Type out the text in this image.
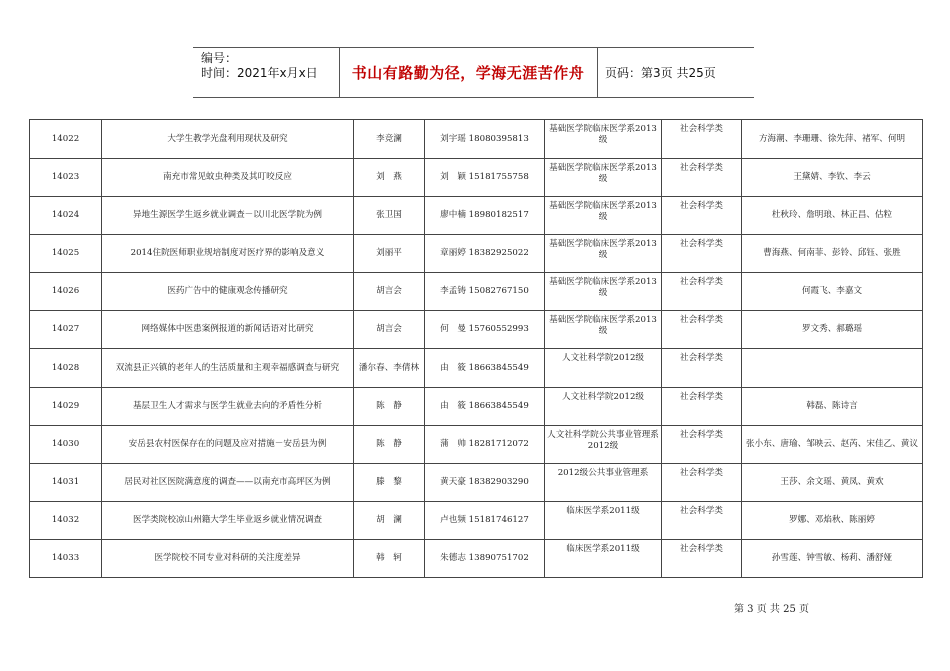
编号：
时间：2021年x月x日	书山有路勤为径，学海无涯苦作舟	页码：第3页 共25页
14022	大学生教学光盘利用现状及研究	李竞澜	刘宇瑶 18080395813	基础医学院临床医学系2013级	社会科学类	方海潮、李珊珊、徐先萍、褚军、何明
14023	南充市常见蚊虫种类及其叮咬反应	刘　燕	刘　颖 15181755758	基础医学院临床医学系2013级	社会科学类	王黛婧、李钦、李云
14024	异地生源医学生返乡就业调查－以川北医学院为例	张卫国	廖中楠 18980182517	基础医学院临床医学系2013级	社会科学类	杜秋玲、詹明琅、林正昌、估粒
14025	2014住院医师职业规培制度对医疗界的影响及意义	刘丽平	章丽婷 18382925022	基础医学院临床医学系2013级	社会科学类	曹海燕、何南菲、彭铃、邱钰、张胜
14026	医药广告中的健康观念传播研究	胡言会	李孟铸 15082767150	基础医学院临床医学系2013级	社会科学类	何霞飞、李嘉文
14027	网络媒体中医患案例报道的新闻话语对比研究	胡言会	何　曼 15760552993	基础医学院临床医学系2013级	社会科学类	罗文秀、郝璐瑶
14028	双流县正兴镇的老年人的生活质量和主观幸福感调查与研究	潘尔春、李倩林	由　筱 18663845549	人文社科学院2012级	社会科学类	
14029	基层卫生人才需求与医学生就业去向的矛盾性分析	陈　静	由　筱 18663845549	人文社科学院2012级	社会科学类	韩磊、陈诗言
14030	安岳县农村医保存在的问题及应对措施－安岳县为例	陈　静	蒲　帅 18281712072	人文社科学院公共事业管理系2012级	社会科学类	张小东、唐瑜、邹映云、赵芮、宋佳乙、黄议
14031	居民对社区医院满意度的调查——以南充市高坪区为例	滕　黎	黄天豪 18382903290	2012级公共事业管理系	社会科学类	王莎、余文瑶、黄凤、黄欢
14032	医学类院校凉山州籍大学生毕业返乡就业情况调查	胡　澜	卢也频 15181746127	临床医学系2011级	社会科学类	罗娜、邓焰秋、陈丽婷
14033	医学院校不同专业对科研的关注度差异	韩　轲	朱德志 13890751702	临床医学系2011级	社会科学类	孙雪莲、钟雪敏、杨莉、潘舒娅
第 3 页 共 25 页
